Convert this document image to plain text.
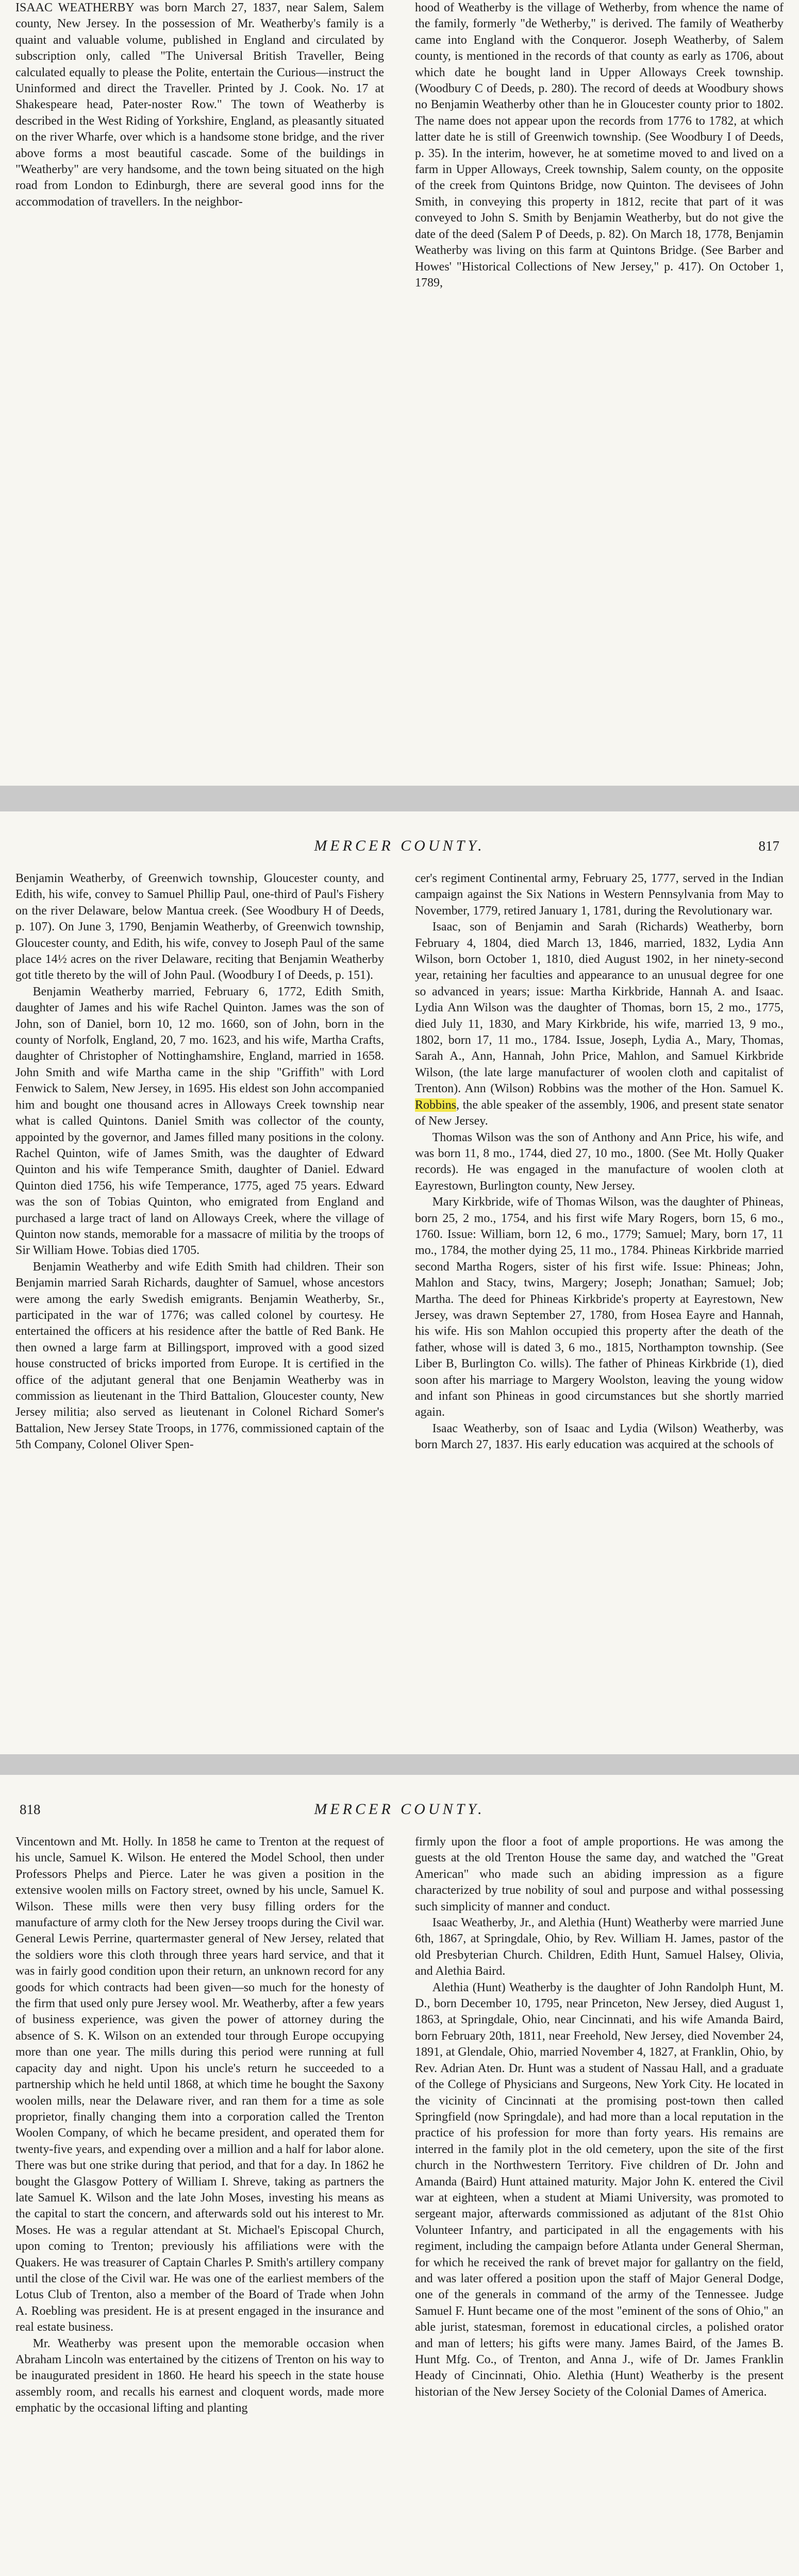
ISAAC WEATHERBY was born March 27, 1837, near Salem, Salem county, New Jersey. In the possession of Mr. Weatherby's family is a quaint and valuable volume, published in England and circulated by subscription only, called "The Universal British Traveller, Being calculated equally to please the Polite, entertain the Curious—instruct the Uninformed and direct the Traveller. Printed by J. Cook. No. 17 at Shakespeare head, Pater-noster Row." The town of Weatherby is described in the West Riding of Yorkshire, England, as pleasantly situated on the river Wharfe, over which is a handsome stone bridge, and the river above forms a most beautiful cascade. Some of the buildings in "Weatherby" are very handsome, and the town being situated on the high road from London to Edinburgh, there are several good inns for the accommodation of travellers. In the neighbor-

hood of Weatherby is the village of Wetherby, from whence the name of the family, formerly "de Wetherby," is derived. The family of Weatherby came into England with the Conqueror. Joseph Weatherby, of Salem county, is mentioned in the records of that county as early as 1706, about which date he bought land in Upper Alloways Creek township. (Woodbury C of Deeds, p. 280). The record of deeds at Woodbury shows no Benjamin Weatherby other than he in Gloucester county prior to 1802. The name does not appear upon the records from 1776 to 1782, at which latter date he is still of Greenwich township. (See Woodbury I of Deeds, p. 35). In the interim, however, he at sometime moved to and lived on a farm in Upper Alloways, Creek township, Salem county, on the opposite of the creek from Quintons Bridge, now Quinton. The devisees of John Smith, in conveying this property in 1812, recite that part of it was conveyed to John S. Smith by Benjamin Weatherby, but do not give the date of the deed (Salem P of Deeds, p. 82). On March 18, 1778, Benjamin Weatherby was living on this farm at Quintons Bridge. (See Barber and Howes' "Historical Collections of New Jersey," p. 417). On October 1, 1789,

MERCER COUNTY.	817

Benjamin Weatherby, of Greenwich township, Gloucester county, and Edith, his wife, convey to Samuel Phillip Paul, one-third of Paul's Fishery on the river Delaware, below Mantua creek. (See Woodbury H of Deeds, p. 107). On June 3, 1790, Benjamin Weatherby, of Greenwich township, Gloucester county, and Edith, his wife, convey to Joseph Paul of the same place 14½ acres on the river Delaware, reciting that Benjamin Weatherby got title thereto by the will of John Paul. (Woodbury I of Deeds, p. 151).

Benjamin Weatherby married, February 6, 1772, Edith Smith, daughter of James and his wife Rachel Quinton. James was the son of John, son of Daniel, born 10, 12 mo. 1660, son of John, born in the county of Norfolk, England, 20, 7 mo. 1623, and his wife, Martha Crafts, daughter of Christopher of Nottinghamshire, England, married in 1658. John Smith and wife Martha came in the ship "Griffith" with Lord Fenwick to Salem, New Jersey, in 1695. His eldest son John accompanied him and bought one thousand acres in Alloways Creek township near what is called Quintons. Daniel Smith was collector of the county, appointed by the governor, and James filled many positions in the colony. Rachel Quinton, wife of James Smith, was the daughter of Edward Quinton and his wife Temperance Smith, daughter of Daniel. Edward Quinton died 1756, his wife Temperance, 1775, aged 75 years. Edward was the son of Tobias Quinton, who emigrated from England and purchased a large tract of land on Alloways Creek, where the village of Quinton now stands, memorable for a massacre of militia by the troops of Sir William Howe. Tobias died 1705.

Benjamin Weatherby and wife Edith Smith had children. Their son Benjamin married Sarah Richards, daughter of Samuel, whose ancestors were among the early Swedish emigrants. Benjamin Weatherby, Sr., participated in the war of 1776; was called colonel by courtesy. He entertained the officers at his residence after the battle of Red Bank. He then owned a large farm at Billingsport, improved with a good sized house constructed of bricks imported from Europe. It is certified in the office of the adjutant general that one Benjamin Weatherby was in commission as lieutenant in the Third Battalion, Gloucester county, New Jersey militia; also served as lieutenant in Colonel Richard Somer's Battalion, New Jersey State Troops, in 1776, commissioned captain of the 5th Company, Colonel Oliver Spen-

cer's regiment Continental army, February 25, 1777, served in the Indian campaign against the Six Nations in Western Pennsylvania from May to November, 1779, retired January 1, 1781, during the Revolutionary war.

Isaac, son of Benjamin and Sarah (Richards) Weatherby, born February 4, 1804, died March 13, 1846, married, 1832, Lydia Ann Wilson, born October 1, 1810, died August 1902, in her ninety-second year, retaining her faculties and appearance to an unusual degree for one so advanced in years; issue: Martha Kirkbride, Hannah A. and Isaac. Lydia Ann Wilson was the daughter of Thomas, born 15, 2 mo., 1775, died July 11, 1830, and Mary Kirkbride, his wife, married 13, 9 mo., 1802, born 17, 11 mo., 1784. Issue, Joseph, Lydia A., Mary, Thomas, Sarah A., Ann, Hannah, John Price, Mahlon, and Samuel Kirkbride Wilson, (the late large manufacturer of woolen cloth and capitalist of Trenton). Ann (Wilson) Robbins was the mother of the Hon. Samuel K. Robbins, the able speaker of the assembly, 1906, and present state senator of New Jersey.

Thomas Wilson was the son of Anthony and Ann Price, his wife, and was born 11, 8 mo., 1744, died 27, 10 mo., 1800. (See Mt. Holly Quaker records). He was engaged in the manufacture of woolen cloth at Eayrestown, Burlington county, New Jersey.

Mary Kirkbride, wife of Thomas Wilson, was the daughter of Phineas, born 25, 2 mo., 1754, and his first wife Mary Rogers, born 15, 6 mo., 1760. Issue: William, born 12, 6 mo., 1779; Samuel; Mary, born 17, 11 mo., 1784, the mother dying 25, 11 mo., 1784. Phineas Kirkbride married second Martha Rogers, sister of his first wife. Issue: Phineas; John, Mahlon and Stacy, twins, Margery; Joseph; Jonathan; Samuel; Job; Martha. The deed for Phineas Kirkbride's property at Eayrestown, New Jersey, was drawn September 27, 1780, from Hosea Eayre and Hannah, his wife. His son Mahlon occupied this property after the death of the father, whose will is dated 3, 6 mo., 1815, Northampton township. (See Liber B, Burlington Co. wills). The father of Phineas Kirkbride (1), died soon after his marriage to Margery Woolston, leaving the young widow and infant son Phineas in good circumstances but she shortly married again.

Isaac Weatherby, son of Isaac and Lydia (Wilson) Weatherby, was born March 27, 1837. His early education was acquired at the schools of

818	MERCER COUNTY.

Vincentown and Mt. Holly. In 1858 he came to Trenton at the request of his uncle, Samuel K. Wilson. He entered the Model School, then under Professors Phelps and Pierce. Later he was given a position in the extensive woolen mills on Factory street, owned by his uncle, Samuel K. Wilson. These mills were then very busy filling orders for the manufacture of army cloth for the New Jersey troops during the Civil war. General Lewis Perrine, quartermaster general of New Jersey, related that the soldiers wore this cloth through three years hard service, and that it was in fairly good condition upon their return, an unknown record for any goods for which contracts had been given—so much for the honesty of the firm that used only pure Jersey wool. Mr. Weatherby, after a few years of business experience, was given the power of attorney during the absence of S. K. Wilson on an extended tour through Europe occupying more than one year. The mills during this period were running at full capacity day and night. Upon his uncle's return he succeeded to a partnership which he held until 1868, at which time he bought the Saxony woolen mills, near the Delaware river, and ran them for a time as sole proprietor, finally changing them into a corporation called the Trenton Woolen Company, of which he became president, and operated them for twenty-five years, and expending over a million and a half for labor alone. There was but one strike during that period, and that for a day. In 1862 he bought the Glasgow Pottery of William I. Shreve, taking as partners the late Samuel K. Wilson and the late John Moses, investing his means as the capital to start the concern, and afterwards sold out his interest to Mr. Moses. He was a regular attendant at St. Michael's Episcopal Church, upon coming to Trenton; previously his affiliations were with the Quakers. He was treasurer of Captain Charles P. Smith's artillery company until the close of the Civil war. He was one of the earliest members of the Lotus Club of Trenton, also a member of the Board of Trade when John A. Roebling was president. He is at present engaged in the insurance and real estate business.

Mr. Weatherby was present upon the memorable occasion when Abraham Lincoln was entertained by the citizens of Trenton on his way to be inaugurated president in 1860. He heard his speech in the state house assembly room, and recalls his earnest and cloquent words, made more emphatic by the occasional lifting and planting

firmly upon the floor a foot of ample proportions. He was among the guests at the old Trenton House the same day, and watched the "Great American" who made such an abiding impression as a figure characterized by true nobility of soul and purpose and withal possessing such simplicity of manner and conduct.

Isaac Weatherby, Jr., and Alethia (Hunt) Weatherby were married June 6th, 1867, at Springdale, Ohio, by Rev. William H. James, pastor of the old Presbyterian Church. Children, Edith Hunt, Samuel Halsey, Olivia, and Alethia Baird.

Alethia (Hunt) Weatherby is the daughter of John Randolph Hunt, M. D., born December 10, 1795, near Princeton, New Jersey, died August 1, 1863, at Springdale, Ohio, near Cincinnati, and his wife Amanda Baird, born February 20th, 1811, near Freehold, New Jersey, died November 24, 1891, at Glendale, Ohio, married November 4, 1827, at Franklin, Ohio, by Rev. Adrian Aten. Dr. Hunt was a student of Nassau Hall, and a graduate of the College of Physicians and Surgeons, New York City. He located in the vicinity of Cincinnati at the promising post-town then called Springfield (now Springdale), and had more than a local reputation in the practice of his profession for more than forty years. His remains are interred in the family plot in the old cemetery, upon the site of the first church in the Northwestern Territory. Five children of Dr. John and Amanda (Baird) Hunt attained maturity. Major John K. entered the Civil war at eighteen, when a student at Miami University, was promoted to sergeant major, afterwards commissioned as adjutant of the 81st Ohio Volunteer Infantry, and participated in all the engagements with his regiment, including the campaign before Atlanta under General Sherman, for which he received the rank of brevet major for gallantry on the field, and was later offered a position upon the staff of Major General Dodge, one of the generals in command of the army of the Tennessee. Judge Samuel F. Hunt became one of the most "eminent of the sons of Ohio," an able jurist, statesman, foremost in educational circles, a polished orator and man of letters; his gifts were many. James Baird, of the James B. Hunt Mfg. Co., of Trenton, and Anna J., wife of Dr. James Franklin Heady of Cincinnati, Ohio. Alethia (Hunt) Weatherby is the present historian of the New Jersey Society of the Colonial Dames of America.
